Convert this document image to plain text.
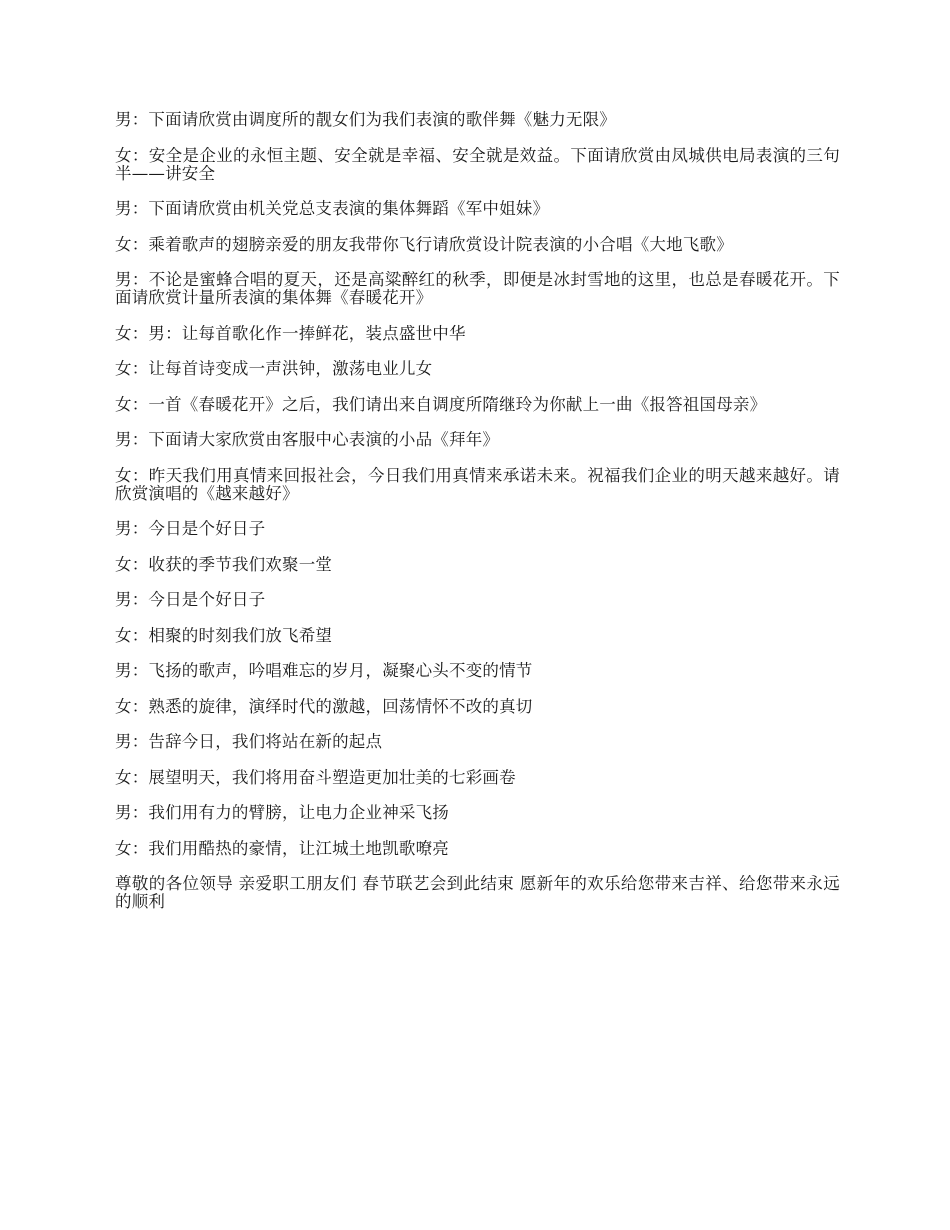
男：下面请欣赏由调度所的靓女们为我们表演的歌伴舞《魅力无限》

女：安全是企业的永恒主题、安全就是幸福、安全就是效益。下面请欣赏由凤城供电局表演的三句半——讲安全

男：下面请欣赏由机关党总支表演的集体舞蹈《军中姐妹》

女：乘着歌声的翅膀亲爱的朋友我带你飞行请欣赏设计院表演的小合唱《大地飞歌》

男：不论是蜜蜂合唱的夏天，还是高粱醉红的秋季，即便是冰封雪地的这里，也总是春暖花开。下面请欣赏计量所表演的集体舞《春暖花开》

女：男：让每首歌化作一捧鲜花，装点盛世中华

女：让每首诗变成一声洪钟，激荡电业儿女

女：一首《春暖花开》之后，我们请出来自调度所隋继玲为你献上一曲《报答祖国母亲》

男：下面请大家欣赏由客服中心表演的小品《拜年》

女：昨天我们用真情来回报社会，今日我们用真情来承诺未来。祝福我们企业的明天越来越好。请欣赏演唱的《越来越好》

男：今日是个好日子

女：收获的季节我们欢聚一堂

男：今日是个好日子

女：相聚的时刻我们放飞希望

男：飞扬的歌声，吟唱难忘的岁月，凝聚心头不变的情节

女：熟悉的旋律，演绎时代的激越，回荡情怀不改的真切

男：告辞今日，我们将站在新的起点

女：展望明天，我们将用奋斗塑造更加壮美的七彩画卷

男：我们用有力的臂膀，让电力企业神采飞扬

女：我们用酷热的豪情，让江城土地凯歌嘹亮

尊敬的各位领导 亲爱职工朋友们 春节联艺会到此结束 愿新年的欢乐给您带来吉祥、给您带来永远的顺利
